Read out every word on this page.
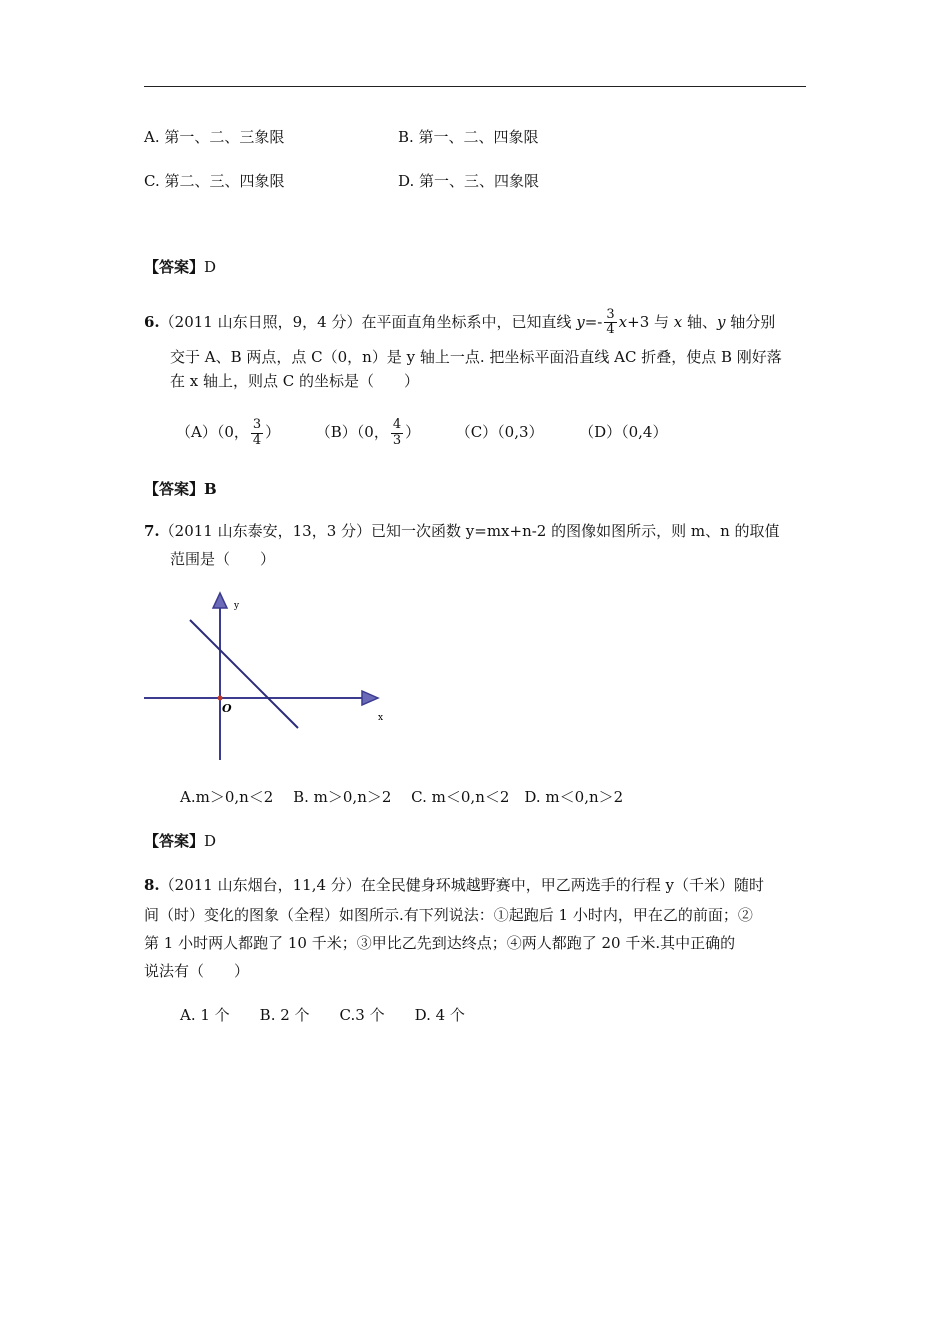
A. 第一、二、三象限	B. 第一、二、四象限
C. 第二、三、四象限	D. 第一、三、四象限
【答案】D
6.（2011 山东日照，9，4 分）在平面直角坐标系中，已知直线 $y=- \frac{3}{4} x+3$ 与 x 轴、y 轴分别
交于 A、B 两点，点 C（0，n）是 y 轴上一点. 把坐标平面沿直线 AC 折叠，使点 B 刚好落
在 x 轴上，则点 C 的坐标是（　　）
（A）（0， $\frac{3}{4}$ ） （B）（0， $\frac{4}{3}$ ） （C）（0,3） （D）（0,4）
【答案】B
7.（2011 山东泰安，13，3 分）已知一次函数 y=mx+n-2 的图像如图所示，则 m、n 的取值
范围是（　　）
y
x
O
A.m＞0,n＜2　 B. m＞0,n＞2　 C. m＜0,n＜2　D. m＜0,n＞2
【答案】D
8.（2011 山东烟台，11,4 分）在全民健身环城越野赛中，甲乙两选手的行程 y（千米）随时
间（时）变化的图象（全程）如图所示.有下列说法：①起跑后 1 小时内，甲在乙的前面；②
第 1 小时两人都跑了 10 千米；③甲比乙先到达终点；④两人都跑了 20 千米.其中正确的
说法有（　　）
A. 1 个　　B. 2 个　　C.3 个　　D. 4 个
